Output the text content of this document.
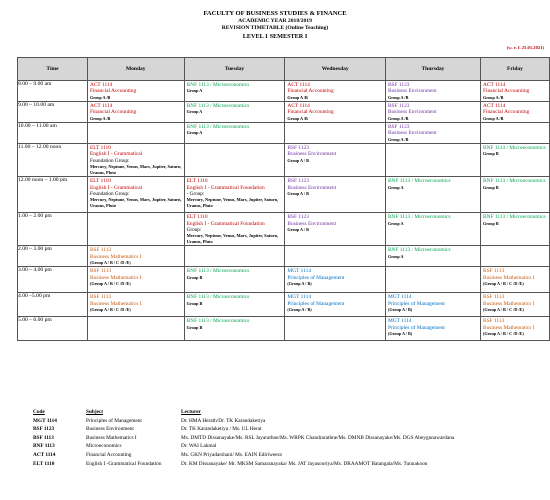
FACULTY OF BUSINESS STUDIES & FINANCE
ACADEMIC YEAR 2018/2019
REVISION TIMETABLE (Online Teaching)
LEVEL 1 SEMESTER I
(w. e. f. 25.01.2021)
Time	Monday	Tuesday	Wednesday	Thursday	Friday
8.00 – 9.00 am	ACT 1114
Financial Accounting
Group A /B	BNF 1113 / Microeconomics
Group A	ACT 1114
Financial Accounting
Group A /B	BSF 1123
Business Environment
Group A /B	ACT 1114
Financial Accounting
Group A /B

9.00 – 10.00 am	ACT 1114
Financial Accounting
Group A /B	BNF 1113 / Microeconomics
Group A	ACT 1114
Financial Accounting
Group A /B	BSF 1123
Business Environment
Group A /B	ACT 1114
Financial Accounting
Group A /B

10.00 – 11.00 am		BNF 1113 / Microeconomics
Group A		BSF 1123
Business Environment
Group A /B	

11.00 – 12.00 noon	ELT 1110
English I - Grammatical
Foundation Group:
Mercury, Neptune, Venus, Mars, Jupiter, Saturn, Uranus, Pluto		BSF 1123
Business Environment
Group A / B		BNF 1113 / Microeconomics
Group B

12.00 noon – 1.00 pm	ELT 1110
English I - Grammatical
Foundation Group:
Mercury, Neptune, Venus, Mars, Jupiter, Saturn, Uranus, Pluto	ELT 1110
English I - Grammatical Foundation
- Group:
Mercury, Neptune, Venus, Mars, Jupiter, Saturn, Uranus, Pluto	BSF 1123
Business Environment
Group A / B	BNF 1113 / Microeconomics
Group A	BNF 1113 / Microeconomics
Group B

1.00 – 2.00 pm		ELT 1110
English I - Grammatical Foundation
Group:
Mercury, Neptune, Venus, Mars, Jupiter, Saturn, Uranus, Pluto	BSF 1123
Business Environment
Group A / B	BNF 1113 / Microeconomics
Group A	BNF 1113 / Microeconomics
Group B

2.00 – 3.00 pm	BSF 1113
Business Mathematics I
(Group A / B / C /D /E)			BNF 1113 / Microeconomics
Group A	

3.00 – 4.00 pm	BSF 1113
Business Mathematics I
(Group A / B / C /D /E)	BNF 1113 / Microeconomics
Group B	MGT 1114
Principles of Management
(Group A / B)		BSF 1113
Business Mathematics I
(Group A / B / C /D /E)

4.00 –5.00 pm	BSF 1113
Business Mathematics I
(Group A / B / C /D /E)	BNF 1113 / Microeconomics
Group B	MGT 1114
Principles of Management
(Group A / B)	MGT 1114
Principles of Management
(Group A / B)	BSF 1113
Business Mathematics I
(Group A / B / C /D /E)

5.00 – 6.00 pm		BNF 1113 / Microeconomics
Group B		MGT 1114
Principles of Management
(Group A / B)	BSF 1113
Business Mathematics I
(Group A / B / C /D /E)
Code	Subject	Lecturer

MGT 1114	Principles of Management	Dr. HMA Herath/Dr. TK Karandaketiya

BSF 1123	Business Environment	Dr. TK Karandaketiya / Ms. UL Herat

BSF 1113	Business Mathematics I	Ms. DMTD Dissanayake/Ms. RSL Jayarathne/Ms. WRPK Chandrarathne/Ms. DMNB Dissanayake/Ms. DGS Abeygunawardana

BNF 1113	Microeconomics	Dr. WAI Lakmal

ACT 1114	Financial Accounting	Ms. GKN Priyadarshani/ Ms. EAIN Ediriweera

ELT 1110	English I -Grammatical Foundation	Dr. KM Dissanayake/ Mr. MKSM Samaranayaka/ Ms. JAT Jayasooriya/Ms. DRAAMOT Batangala/Ms. Tunnakoon
